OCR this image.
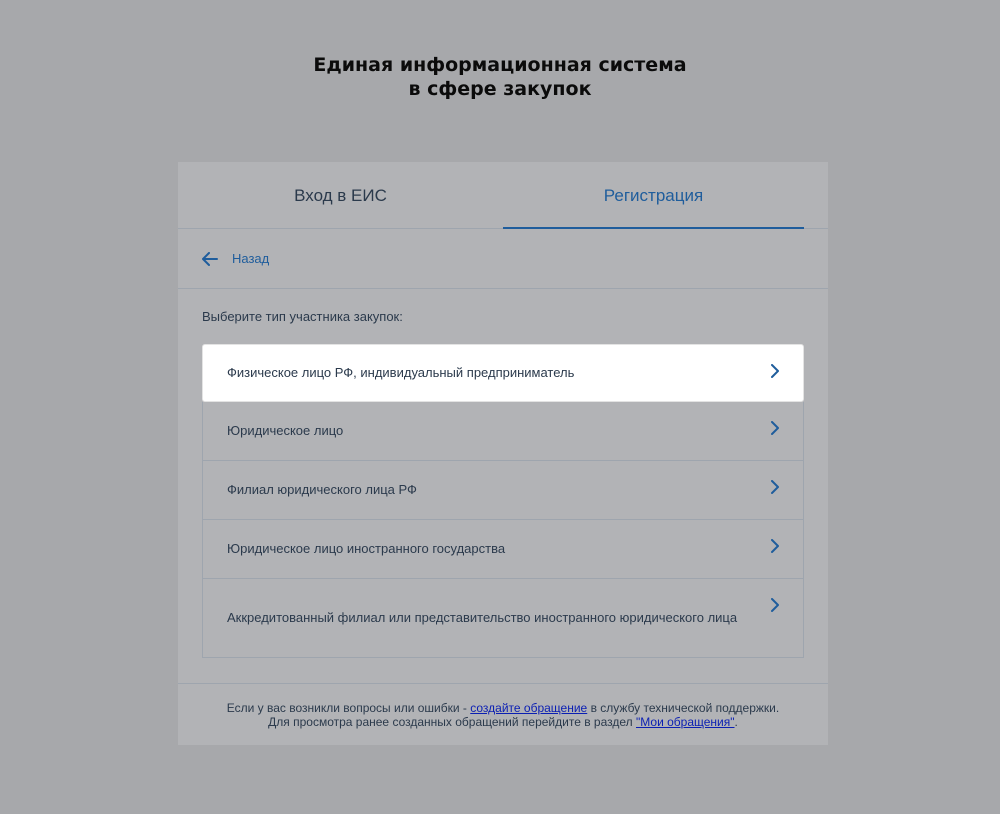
Единая информационная система
в сфере закупок
Вход в ЕИС	Регистрация
Назад
Выберите тип участника закупок:
Физическое лицо РФ, индивидуальный предприниматель
Юридическое лицо
Филиал юридического лица РФ
Юридическое лицо иностранного государства
Аккредитованный филиал или представительство иностранного юридического лица
Если у вас возникли вопросы или ошибки - создайте обращение в службу технической поддержки.
Для просмотра ранее созданных обращений перейдите в раздел "Мои обращения".
